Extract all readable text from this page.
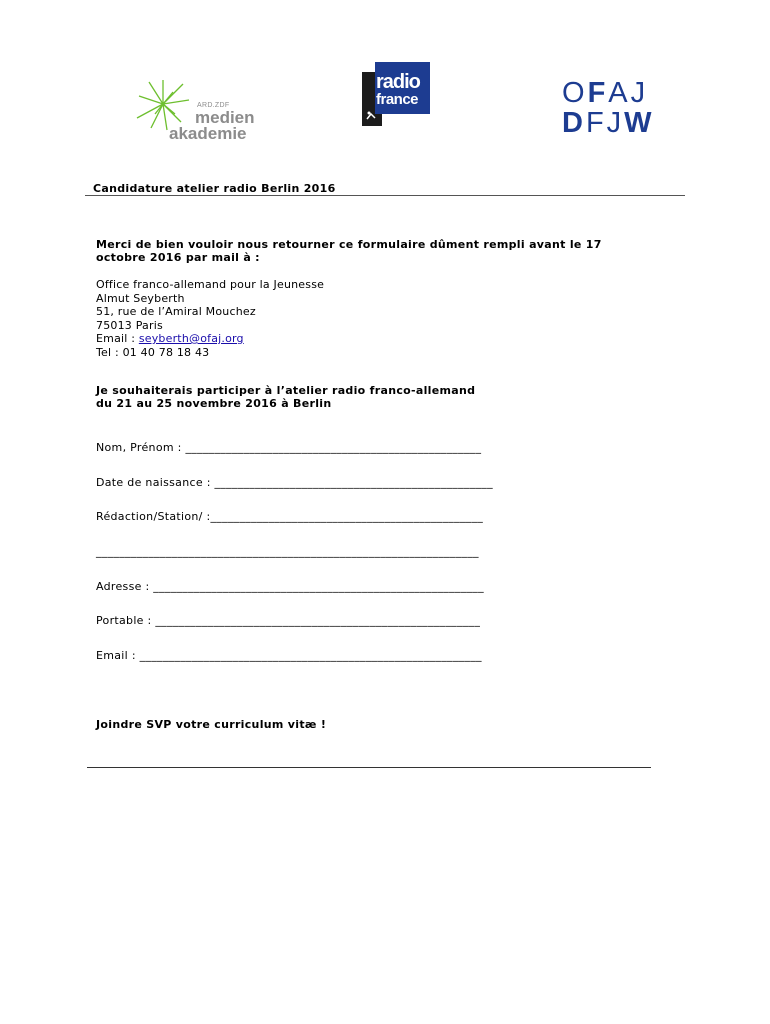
ARD.ZDF
medien
akademie
radio
france	OFAJ
DFJW
Candidature atelier radio Berlin 2016
Merci de bien vouloir nous retourner ce formulaire dûment rempli avant le 17
octobre 2016 par mail à :
Office franco-allemand pour la Jeunesse
Almut Seyberth
51, rue de l’Amiral Mouchez
75013 Paris
Email : seyberth@ofaj.org
Tel : 01 40 78 18 43
Je souhaiterais participer à l’atelier radio franco-allemand
du 21 au 25 novembre 2016 à Berlin
Nom, Prénom : ___________________________________________________
Date de naissance : ________________________________________________
Rédaction/Station/ :_______________________________________________
__________________________________________________________________
Adresse : _________________________________________________________
Portable : ________________________________________________________
Email : ___________________________________________________________
Joindre SVP votre curriculum vitæ !
